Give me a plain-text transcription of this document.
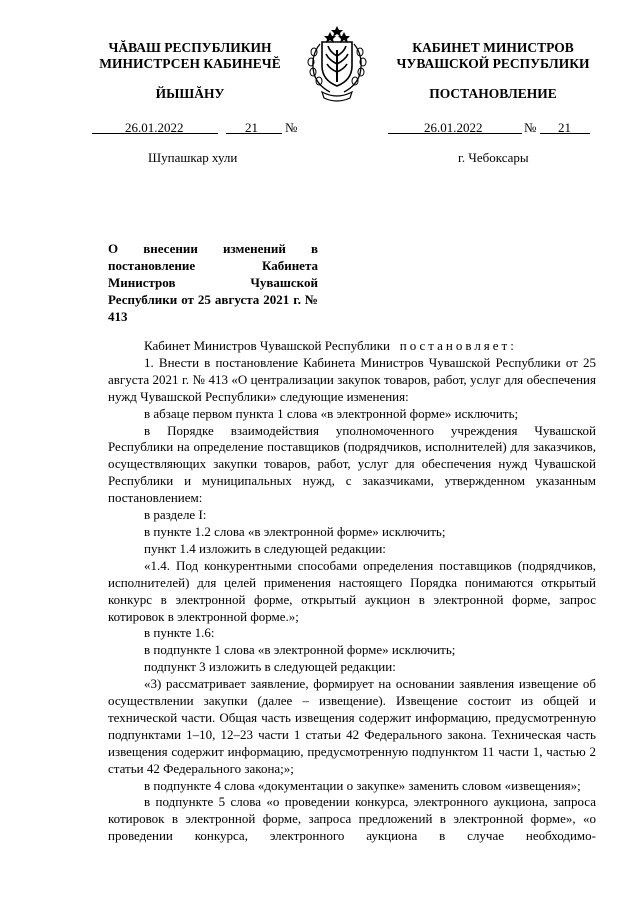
ЧĂВАШ РЕСПУБЛИКИН
МИНИСТРСЕН КАБИНЕЧĔ
ЙЫШĂНУ
КАБИНЕТ МИНИСТРОВ
ЧУВАШСКОЙ РЕСПУБЛИКИ
ПОСТАНОВЛЕНИЕ
26.01.2022	21 №	26.01.2022	№ 21
Шупашкар хули	г. Чебоксары
О внесении изменений в постановление Кабинета Министров Чувашской Республики от 25 августа 2021 г. № 413

Кабинет Министров Чувашской Республики постановляет:

1. Внести в постановление Кабинета Министров Чувашской Республики от 25 августа 2021 г. № 413 «О централизации закупок товаров, работ, услуг для обеспечения нужд Чувашской Республики» следующие изменения:

в абзаце первом пункта 1 слова «в электронной форме» исключить;

в Порядке взаимодействия уполномоченного учреждения Чувашской Республики на определение поставщиков (подрядчиков, исполнителей) для заказчиков, осуществляющих закупки товаров, работ, услуг для обеспечения нужд Чувашской Республики и муниципальных нужд, с заказчиками, утвержденном указанным постановлением:

в разделе I:

в пункте 1.2 слова «в электронной форме» исключить;

пункт 1.4 изложить в следующей редакции:

«1.4. Под конкурентными способами определения поставщиков (подрядчиков, исполнителей) для целей применения настоящего Порядка понимаются открытый конкурс в электронной форме, открытый аукцион в электронной форме, запрос котировок в электронной форме.»;

в пункте 1.6:

в подпункте 1 слова «в электронной форме» исключить;

подпункт 3 изложить в следующей редакции:

«3) рассматривает заявление, формирует на основании заявления извещение об осуществлении закупки (далее – извещение). Извещение состоит из общей и технической части. Общая часть извещения содержит информацию, предусмотренную подпунктами 1–10, 12–23 части 1 статьи 42 Федерального закона. Техническая часть извещения содержит информацию, предусмотренную подпунктом 11 части 1, частью 2 статьи 42 Федерального закона;»;

в подпункте 4 слова «документации о закупке» заменить словом «извещения»;

в подпункте 5 слова «о проведении конкурса, электронного аукциона, запроса котировок в электронной форме, запроса предложений в электронной форме», «о проведении конкурса, электронного аукциона в случае необходимо-
